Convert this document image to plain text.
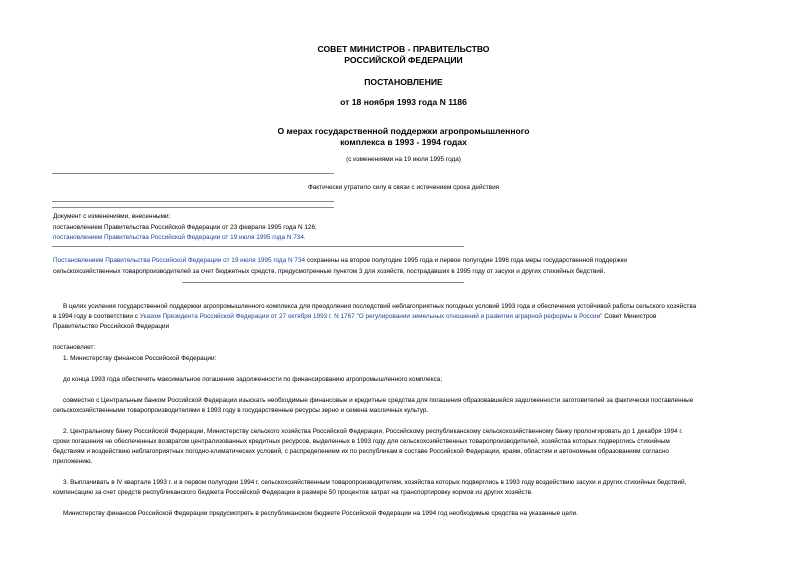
СОВЕТ МИНИСТРОВ - ПРАВИТЕЛЬСТВО
РОССИЙСКОЙ ФЕДЕРАЦИИ
ПОСТАНОВЛЕНИЕ
от 18 ноября 1993 года N 1186
О мерах государственной поддержки агропромышленного
комплекса в 1993 - 1994 годах
(с изменениями на 19 июля 1995 года)
Фактически утратило силу в связи с истечением срока действия
Документ с изменениями, внесенными:
постановлением Правительства Российской Федерации от 23 февраля 1995 года N 126;
постановлением Правительства Российской Федерации от 19 июля 1995 года N 734.
Постановлением Правительства Российской Федерации от 19 июля 1995 года N 734 сохранены на второе полугодие 1995 года и первое полугодие 1996 года меры государственной поддержки
сельскохозяйственных товаропроизводителей за счет бюджетных средств, предусмотренные пунктом 3 для хозяйств, пострадавших в 1995 году от засухи и других стихийных бедствий.
В целях усиления государственной поддержки агропромышленного комплекса для преодоления последствий неблагоприятных погодных условий 1993 года и обеспечения устойчивой работы сельского хозяйства
в 1994 году в соответствии с Указом Президента Российской Федерации от 27 октября 1993 г. N 1767 "О регулировании земельных отношений и развитии аграрной реформы в России" Совет Министров
Правительство Российской Федерации
постановляет:
1. Министерству финансов Российской Федерации:
до конца 1993 года обеспечить максимальное погашение задолженности по финансированию агропромышленного комплекса;
совместно с Центральным банком Российской Федерации изыскать необходимые финансовые и кредитные средства для погашения образовавшейся задолженности заготовителей за фактически поставленные
сельскохозяйственными товаропроизводителями в 1993 году в государственные ресурсы зерно и семена масличных культур.
2. Центральному банку Российской Федерации, Министерству сельского хозяйства Российской Федерации, Российскому республиканскому сельскохозяйственному банку пролонгировать до 1 декабря 1994 г.
сроки погашения не обеспеченных возвратом централизованных кредитных ресурсов, выделенных в 1993 году для сельскохозяйственных товаропроизводителей, хозяйства которых подверглись стихийным
бедствиям и воздействию неблагоприятных погодно-климатических условий, с распределением их по республикам в составе Российской Федерации, краям, областям и автономным образованиям согласно
приложению.
3. Выплачивать в IV квартале 1993 г. и в первом полугодии 1994 г. сельскохозяйственным товаропроизводителям, хозяйства которых подверглись в 1993 году воздействию засухи и других стихийных бедствий,
компенсацию за счет средств республиканского бюджета Российской Федерации в размере 50 процентов затрат на транспортировку кормов из других хозяйств.
Министерству финансов Российской Федерации предусмотреть в республиканском бюджете Российской Федерации на 1994 год необходимые средства на указанные цели.
